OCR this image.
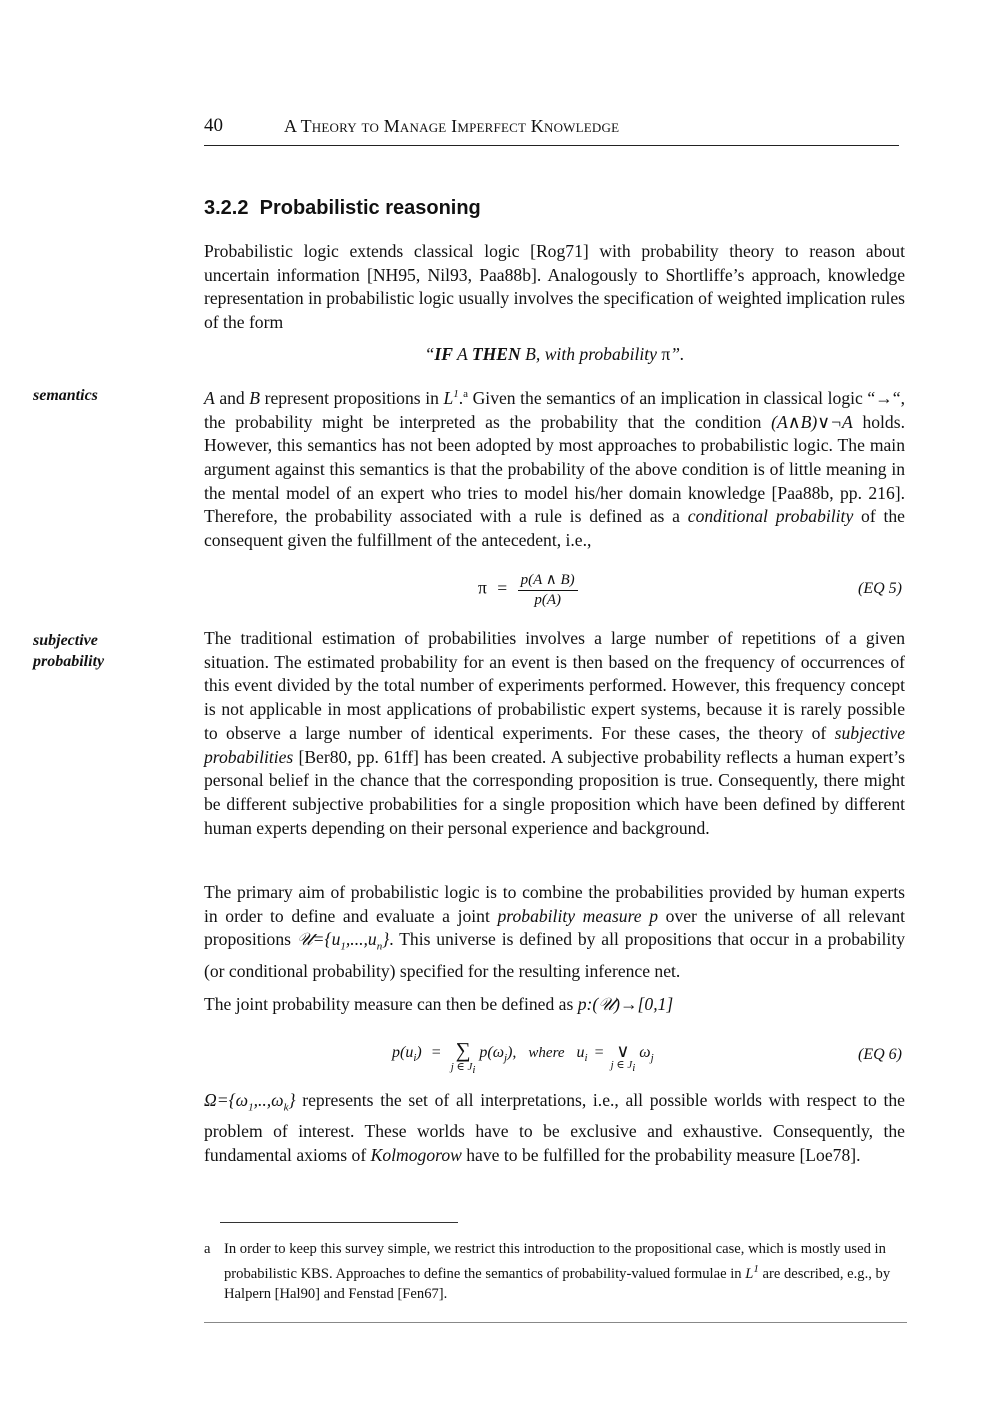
40	A Theory to Manage Imperfect Knowledge
3.2.2 Probabilistic reasoning

Probabilistic logic extends classical logic [Rog71] with probability theory to reason about uncertain information [NH95, Nil93, Paa88b]. Analogously to Shortliffe’s approach, knowledge representation in probabilistic logic usually involves the specification of weighted implication rules of the form

“IF A THEN B, with probability π”.
semantics	A and B represent propositions in $L^1.^a$ Given the semantics of an implication in classical logic “→“, the probability might be interpreted as the probability that the condition (A∧B)∨¬A holds. However, this semantics has not been adopted by most approaches to probabilistic logic. The main argument against this semantics is that the probability of the above condition is of little meaning in the mental model of an expert who tries to model his/her domain knowledge [Paa88b, pp. 216]. Therefore, the probability associated with a rule is defined as a conditional probability of the consequent given the fulfillment of the antecedent, i.e.,

$\pi = \frac{p(A \wedge B)}{p(A)}$	(EQ 5)
subjective
probability

The traditional estimation of probabilities involves a large number of repetitions of a given situation. The estimated probability for an event is then based on the frequency of occurrences of this event divided by the total number of experiments performed. However, this frequency concept is not applicable in most applications of probabilistic expert systems, because it is rarely possible to observe a large number of identical experiments. For these cases, the theory of subjective probabilities [Ber80, pp. 61ff] has been created. A subjective probability reflects a human expert’s personal belief in the chance that the corresponding proposition is true. Consequently, there might be different subjective probabilities for a single proposition which have been defined by different human experts depending on their personal experience and background.

The primary aim of probabilistic logic is to combine the probabilities provided by human experts in order to define and evaluate a joint probability measure p over the universe of all relevant propositions $𝒰=\{u_1,...,u_n\}$. This universe is defined by all propositions that occur in a probability (or conditional probability) specified for the resulting inference net.

The joint probability measure can then be defined as p:(𝒰)→[0,1]

$p(u_i)$ = ∑
j ∈ $J_i$
$p(\omega_j)$, where $u_i$ = ∨
j ∈ $J_i$
$\omega_j$	(EQ 6)

$\Omega=\{\omega_1,..,\omega_k\}$ represents the set of all interpretations, i.e., all possible worlds with respect to the problem of interest. These worlds have to be exclusive and exhaustive. Consequently, the fundamental axioms of Kolmogorow have to be fulfilled for the probability measure [Loe78].

a In order to keep this survey simple, we restrict this introduction to the propositional case, which is mostly used in probabilistic KBS. Approaches to define the semantics of probability-valued formulae in $L^1$ are described, e.g., by Halpern [Hal90] and Fenstad [Fen67].
